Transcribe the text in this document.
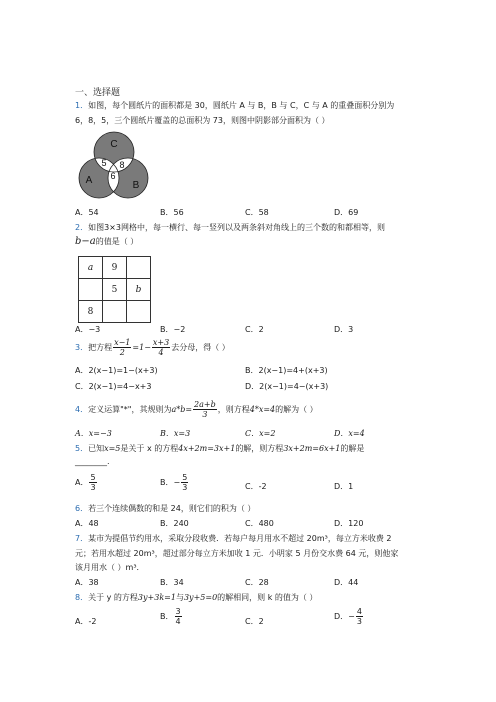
一、选择题
1．如图，每个圆纸片的面积都是 30，圆纸片 A 与 B，B 与 C，C 与 A 的重叠面积分别为
6，8，5，三个圆纸片覆盖的总面积为 73，则图中阴影部分面积为（ ）
C
A	B
5 8
6
A．54	B．56	C．58	D．69
2．如图3×3网格中，每一横行、每一竖列以及两条斜对角线上的三个数的和都相等，则
b−a的值是（ ）
a	9	
	5	b
8		
A．−3	B．−2	C．2	D．3
3．把方程 $\frac{x-1}{2} =1- \frac{x+3}{4}$ 去分母，得（ ）
A．2(x−1)=1−(x+3)	B．2(x−1)=4+(x+3)
C．2(x−1)=4−x+3	D．2(x−1)=4−(x+3)
4．定义运算"*"，其规则为$a*b= \frac{2a+b}{3}$ ，则方程4*x=4的解为（ ）
A．x=−3	B．x=3	C．x=2	D．x=4
5．已知x=5是关于 x 的方程4x+2m=3x+1的解，则方程3x+2m=6x+1的解是
________.
A． $\frac{5}{3}$	B．− $\frac{5}{3}$	C．-2	D．1
6．若三个连续偶数的和是 24，则它们的积为（ ）
A．48	B．240	C．480	D．120
7．某市为提倡节约用水，采取分段收费．若每户每月用水不超过 20m³，每立方米收费 2
元；若用水超过 20m³，超过部分每立方米加收 1 元．小明家 5 月份交水费 64 元，则他家
该月用水（ ）m³．
A．38	B．34	C．28	D．44
8．关于 y 的方程3y+3k=1与3y+5=0的解相同，则 k 的值为（ ）
A．-2
B． $\frac{3}{4}$	C．2
D．− $\frac{4}{3}$
